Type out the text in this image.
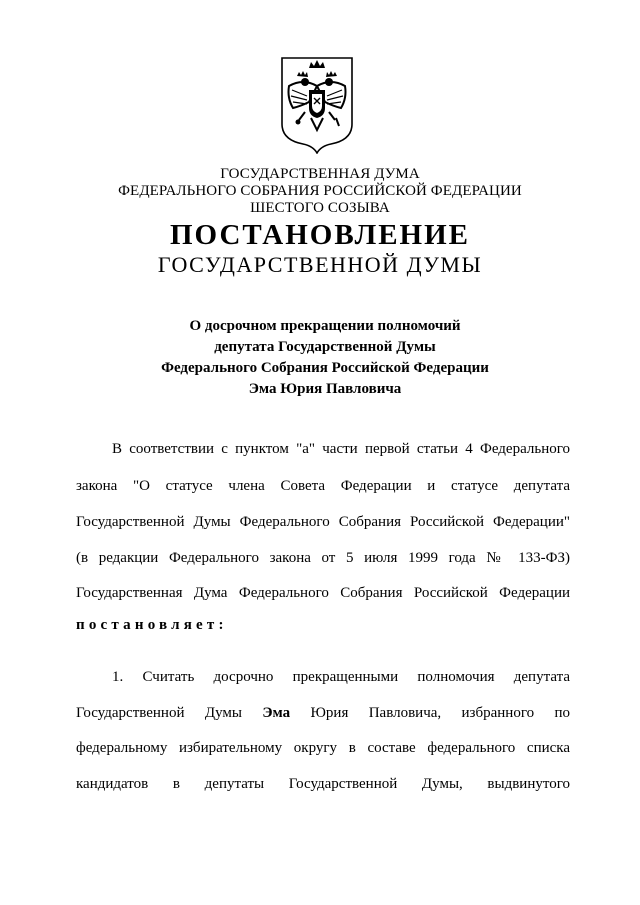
ГОСУДАРСТВЕННАЯ ДУМА
ФЕДЕРАЛЬНОГО СОБРАНИЯ РОССИЙСКОЙ ФЕДЕРАЦИИ
ШЕСТОГО СОЗЫВА
ПОСТАНОВЛЕНИЕ
ГОСУДАРСТВЕННОЙ ДУМЫ
О досрочном прекращении полномочий
депутата Государственной Думы
Федерального Собрания Российской Федерации
Эма Юрия Павловича
В соответствии с пунктом "а" части первой статьи 4 Федерального
закона "О статусе члена Совета Федерации и статусе депутата
Государственной Думы Федерального Собрания Российской Федерации"
(в редакции Федерального закона от 5 июля 1999 года № 133-ФЗ)
Государственная Дума Федерального Собрания Российской Федерации
постановляет:
1. Считать досрочно прекращенными полномочия депутата
Государственной Думы Эма Юрия Павловича, избранного по
федеральному избирательному округу в составе федерального списка
кандидатов в депутаты Государственной Думы, выдвинутого
